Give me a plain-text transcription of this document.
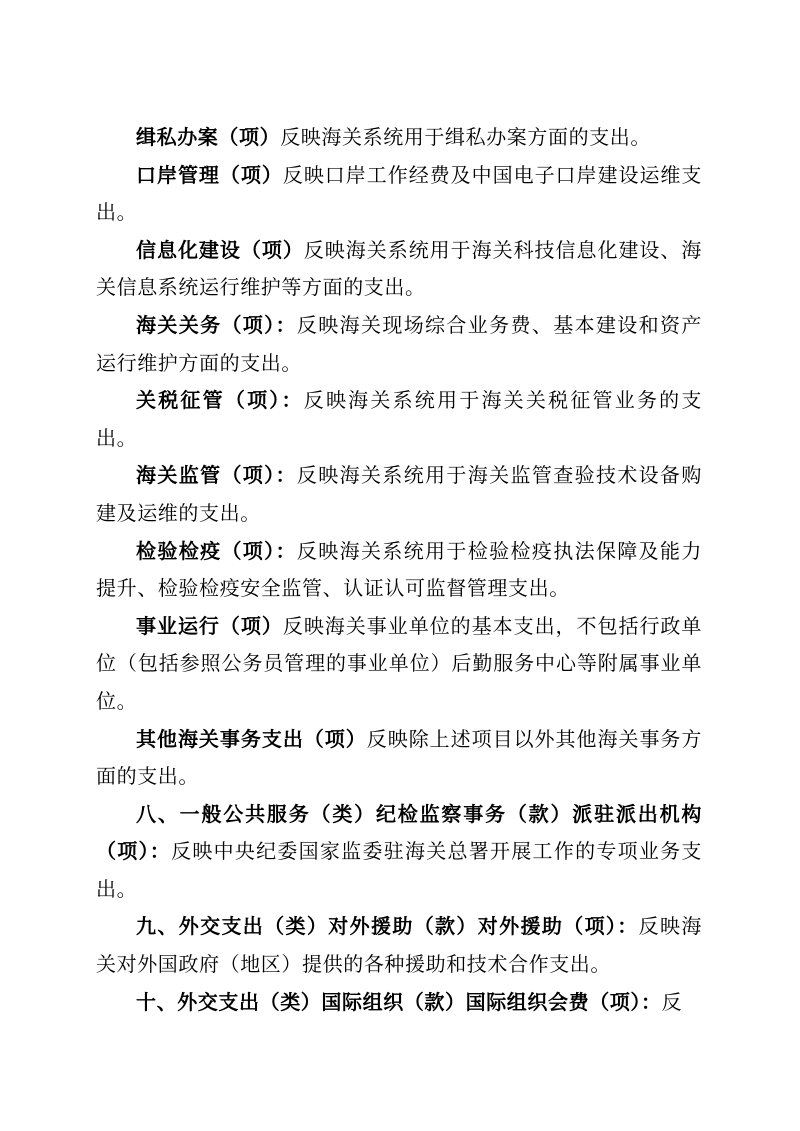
缉私办案（项）反映海关系统用于缉私办案方面的支出。

口岸管理（项）反映口岸工作经费及中国电子口岸建设运维支出。

信息化建设（项）反映海关系统用于海关科技信息化建设、海关信息系统运行维护等方面的支出。

海关关务（项）：反映海关现场综合业务费、基本建设和资产运行维护方面的支出。

关税征管（项）：反映海关系统用于海关关税征管业务的支出。

海关监管（项）：反映海关系统用于海关监管查验技术设备购建及运维的支出。

检验检疫（项）：反映海关系统用于检验检疫执法保障及能力提升、检验检疫安全监管、认证认可监督管理支出。

事业运行（项）反映海关事业单位的基本支出，不包括行政单位（包括参照公务员管理的事业单位）后勤服务中心等附属事业单位。

其他海关事务支出（项）反映除上述项目以外其他海关事务方面的支出。

八、一般公共服务（类）纪检监察事务（款）派驻派出机构（项）：反映中央纪委国家监委驻海关总署开展工作的专项业务支出。

九、外交支出（类）对外援助（款）对外援助（项）：反映海关对外国政府（地区）提供的各种援助和技术合作支出。

十、外交支出（类）国际组织（款）国际组织会费（项）：反
